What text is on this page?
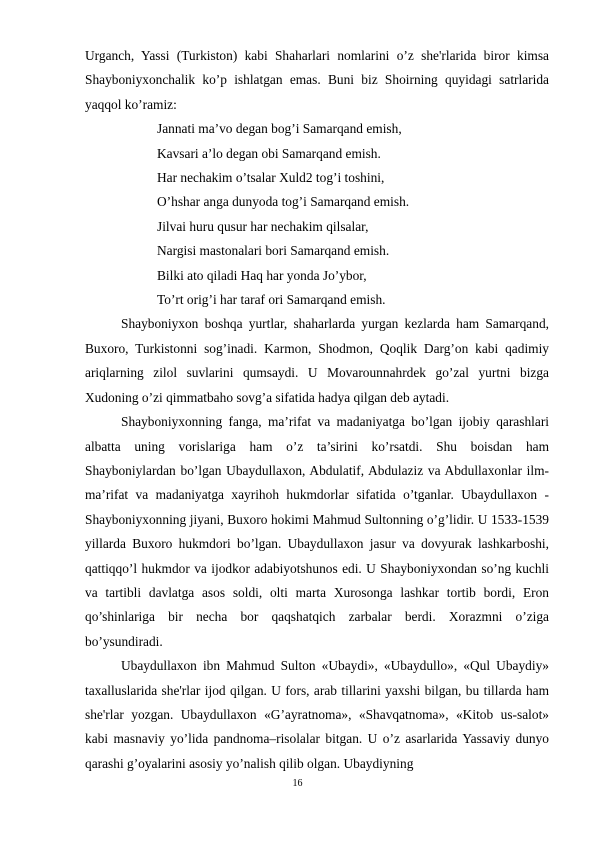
Urganch, Yassi (Turkiston) kabi Shaharlari nomlarini o’z she'rlarida biror kimsa Shayboniyxonchalik ko’p ishlatgan emas. Buni biz Shoirning quyidagi satrlarida yaqqol ko’ramiz:

Jannati ma’vo degan bog’i Samarqand emish,

Kavsari a’lo degan obi Samarqand emish.

Har nechakim o’tsalar Xuld2 tog’i toshini,

O’hshar anga dunyoda tog’i Samarqand emish.

Jilvai huru qusur har nechakim qilsalar,

Nargisi mastonalari bori Samarqand emish.

Bilki ato qiladi Haq har yonda Jo’ybor,

To’rt orig’i har taraf ori Samarqand emish.

Shayboniyxon boshqa yurtlar, shaharlarda yurgan kezlarda ham Samarqand, Buxoro, Turkistonni sog’inadi. Karmon, Shodmon, Qoqlik Darg’on kabi qadimiy ariqlarning zilol suvlarini qumsaydi. U Movarounnahrdek go’zal yurtni bizga Xudoning o’zi qimmatbaho sovg’a sifatida hadya qilgan deb aytadi.

Shayboniyxonning fanga, ma’rifat va madaniyatga bo’lgan ijobiy qarashlari albatta uning vorislariga ham o’z ta’sirini ko’rsatdi. Shu boisdan ham Shayboniylardan bo’lgan Ubaydullaxon, Abdulatif, Abdulaziz va Abdullaxonlar ilm-ma’rifat va madaniyatga xayrihoh hukmdorlar sifatida o’tganlar. Ubaydullaxon -Shayboniyxonning jiyani, Buxoro hokimi Mahmud Sultonning o’g’lidir. U 1533-1539 yillarda Buxoro hukmdori bo’lgan. Ubaydullaxon jasur va dovyurak lashkarboshi, qattiqqo’l hukmdor va ijodkor adabiyotshunos edi. U Shayboniyxondan so’ng kuchli va tartibli davlatga asos soldi, olti marta Xurosonga lashkar tortib bordi, Eron qo’shinlariga bir necha bor qaqshatqich zarbalar berdi. Xorazmni o’ziga bo’ysundiradi.

Ubaydullaxon ibn Mahmud Sulton «Ubaydi», «Ubaydullo», «Qul Ubaydiy» taxalluslarida she'rlar ijod qilgan. U fors, arab tillarini yaxshi bilgan, bu tillarda ham she'rlar yozgan. Ubaydullaxon «G’ayratnoma», «Shavqatnoma», «Kitob us-salot» kabi masnaviy yo’lida pandnoma–risolalar bitgan. U o’z asarlarida Yassaviy dunyo qarashi g’oyalarini asosiy yo’nalish qilib olgan. Ubaydiyning

16
